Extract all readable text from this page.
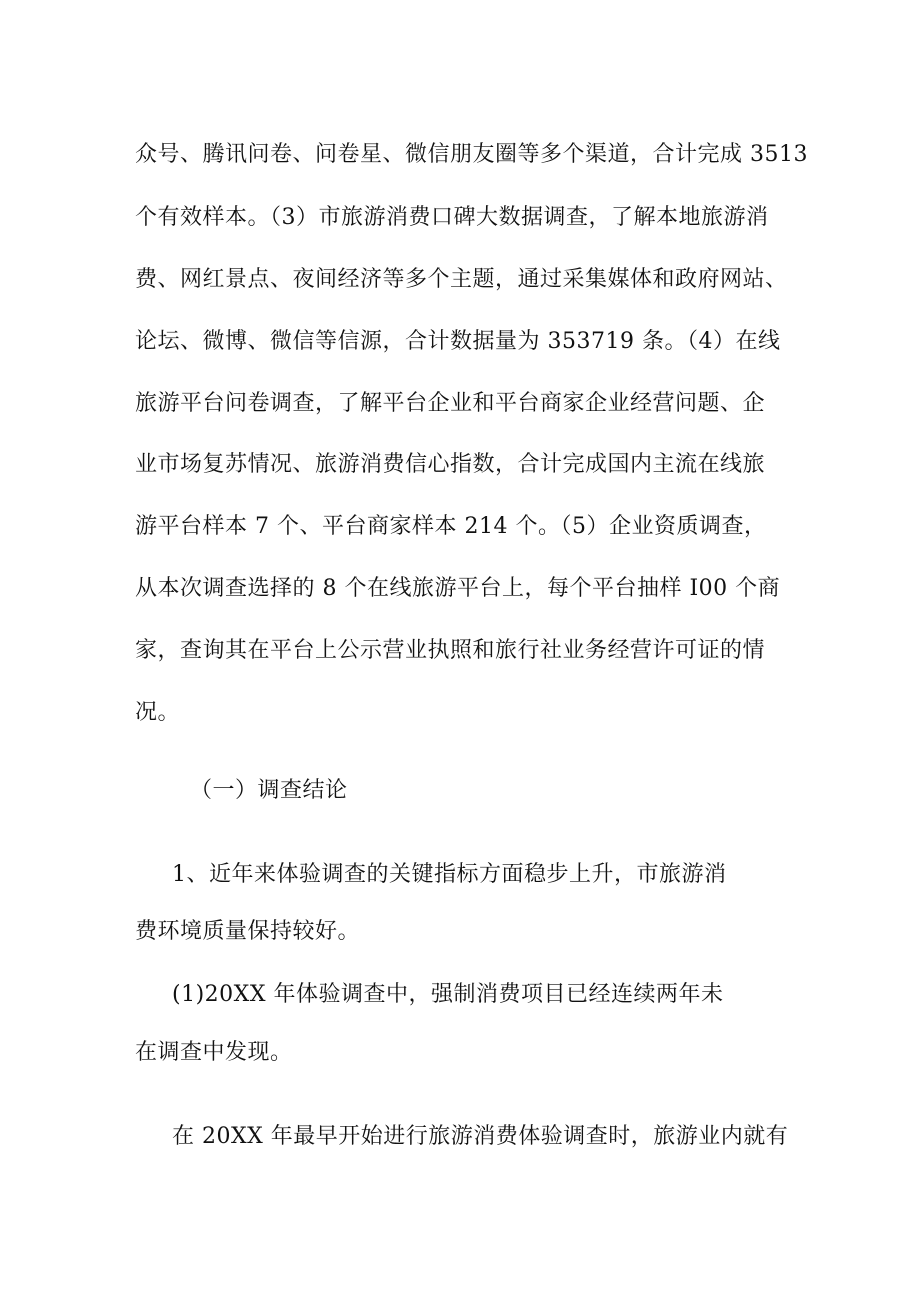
众号、腾讯问卷、问卷星、微信朋友圈等多个渠道，合计完成 3513
个有效样本。（3）市旅游消费口碑大数据调查，了解本地旅游消
费、网红景点、夜间经济等多个主题，通过采集媒体和政府网站、
论坛、微博、微信等信源，合计数据量为 353719 条。（4）在线
旅游平台问卷调查，了解平台企业和平台商家企业经营问题、企
业市场复苏情况、旅游消费信心指数，合计完成国内主流在线旅
游平台样本 7 个、平台商家样本 214 个。（5）企业资质调查，
从本次调查选择的 8 个在线旅游平台上，每个平台抽样 I00 个商
家，查询其在平台上公示营业执照和旅行社业务经营许可证的情
况。
（一）调查结论
1、近年来体验调查的关键指标方面稳步上升，市旅游消
费环境质量保持较好。
(1)20XX 年体验调查中，强制消费项目已经连续两年未
在调查中发现。
在 20XX 年最早开始进行旅游消费体验调查时，旅游业内就有
